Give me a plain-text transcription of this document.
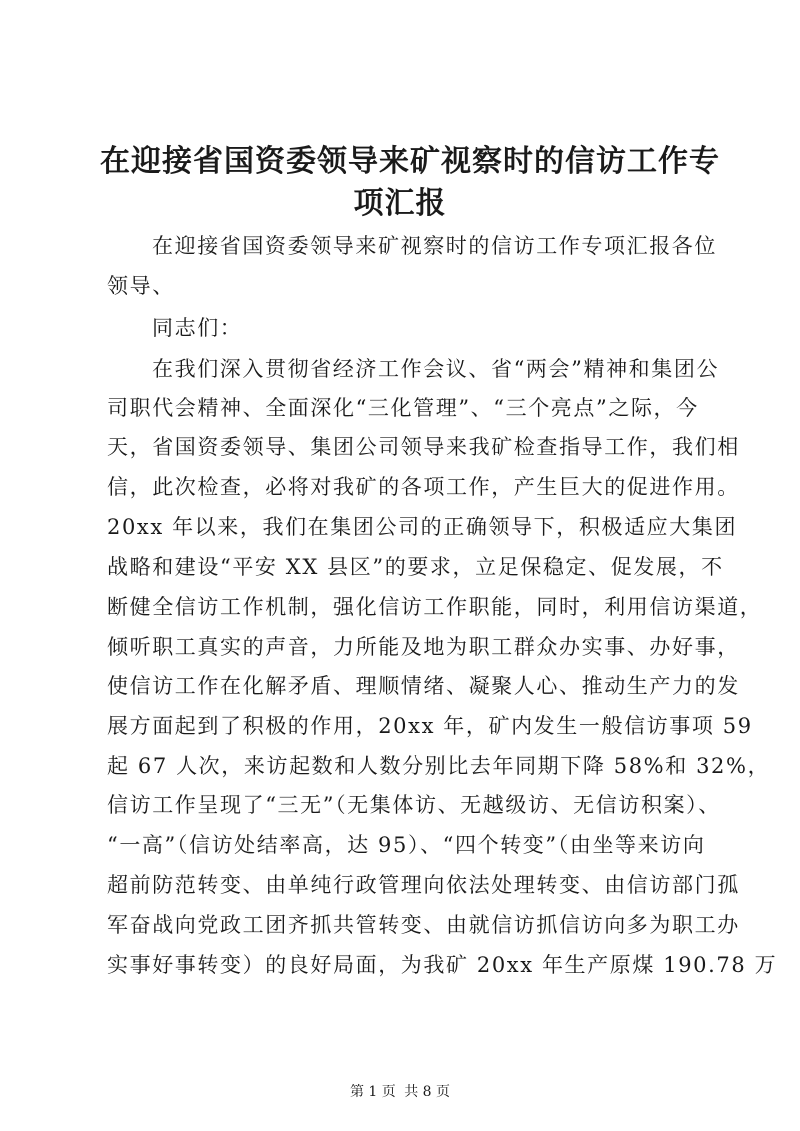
在迎接省国资委领导来矿视察时的信访工作专
项汇报
在迎接省国资委领导来矿视察时的信访工作专项汇报各位
领导、
同志们：
在我们深入贯彻省经济工作会议、省“两会”精神和集团公
司职代会精神、全面深化“三化管理”、“三个亮点”之际，今
天，省国资委领导、集团公司领导来我矿检查指导工作，我们相
信，此次检查，必将对我矿的各项工作，产生巨大的促进作用。
20xx 年以来，我们在集团公司的正确领导下，积极适应大集团
战略和建设“平安 XX 县区”的要求，立足保稳定、促发展，不
断健全信访工作机制，强化信访工作职能，同时，利用信访渠道，
倾听职工真实的声音，力所能及地为职工群众办实事、办好事，
使信访工作在化解矛盾、理顺情绪、凝聚人心、推动生产力的发
展方面起到了积极的作用，20xx 年，矿内发生一般信访事项 59
起 67 人次，来访起数和人数分别比去年同期下降 58%和 32%，
信访工作呈现了“三无”（无集体访、无越级访、无信访积案）、
“一高”（信访处结率高，达 95）、“四个转变”（由坐等来访向
超前防范转变、由单纯行政管理向依法处理转变、由信访部门孤
军奋战向党政工团齐抓共管转变、由就信访抓信访向多为职工办
实事好事转变）的良好局面，为我矿 20xx 年生产原煤 190.78 万
第 1 页 共 8 页
